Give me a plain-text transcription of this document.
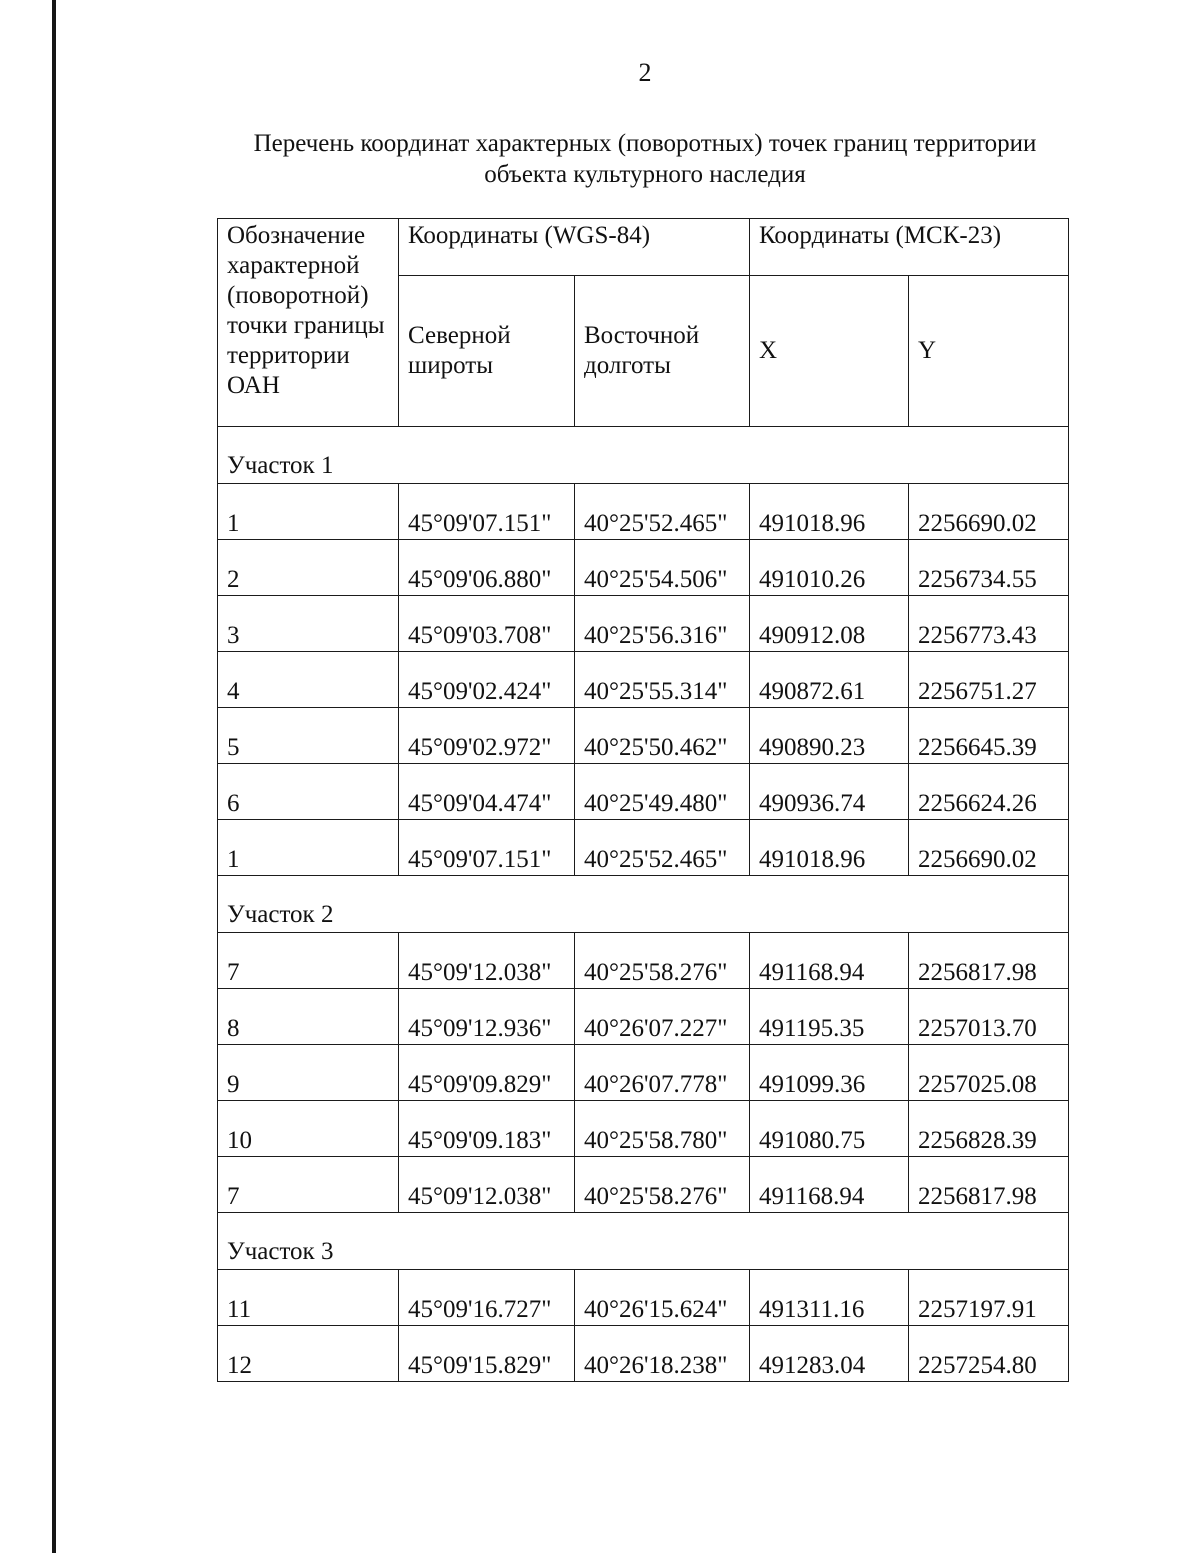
2
Перечень координат характерных (поворотных) точек границ территории
объекта культурного наследия
Обозначение характерной (поворотной) точки границы территории ОАН	Координаты (WGS-84)		Координаты (МСК-23)	
	Северной широты	Восточной долготы	X	Y
Участок 1				
1	45°09'07.151"	40°25'52.465"	491018.96	2256690.02
2	45°09'06.880"	40°25'54.506"	491010.26	2256734.55
3	45°09'03.708"	40°25'56.316"	490912.08	2256773.43
4	45°09'02.424"	40°25'55.314"	490872.61	2256751.27
5	45°09'02.972"	40°25'50.462"	490890.23	2256645.39
6	45°09'04.474"	40°25'49.480"	490936.74	2256624.26
1	45°09'07.151"	40°25'52.465"	491018.96	2256690.02
Участок 2				
7	45°09'12.038"	40°25'58.276"	491168.94	2256817.98
8	45°09'12.936"	40°26'07.227"	491195.35	2257013.70
9	45°09'09.829"	40°26'07.778"	491099.36	2257025.08
10	45°09'09.183"	40°25'58.780"	491080.75	2256828.39
7	45°09'12.038"	40°25'58.276"	491168.94	2256817.98
Участок 3				
11	45°09'16.727"	40°26'15.624"	491311.16	2257197.91
12	45°09'15.829"	40°26'18.238"	491283.04	2257254.80
